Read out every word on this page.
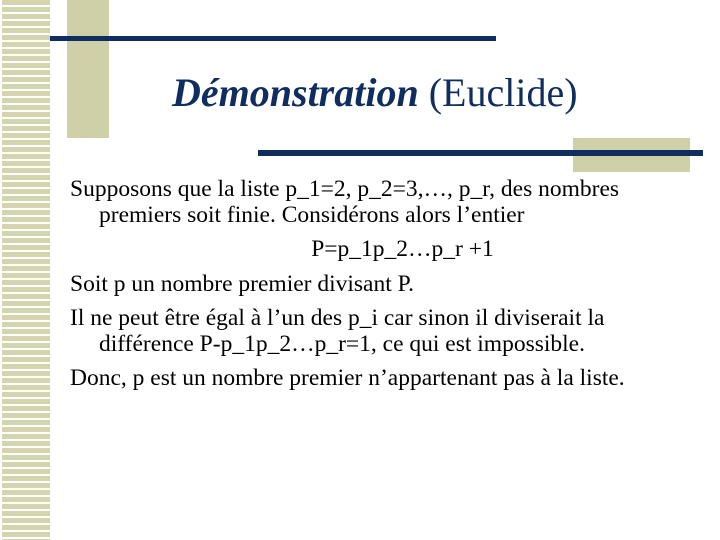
Démonstration (Euclide)

Supposons que la liste p_1=2, p_2=3,…, p_r, des nombres premiers soit finie. Considérons alors l’entier

P=p_1p_2…p_r +1

Soit p un nombre premier divisant P.

Il ne peut être égal à l’un des p_i car sinon il diviserait la différence P-p_1p_2…p_r=1, ce qui est impossible.

Donc, p est un nombre premier n’appartenant pas à la liste.
